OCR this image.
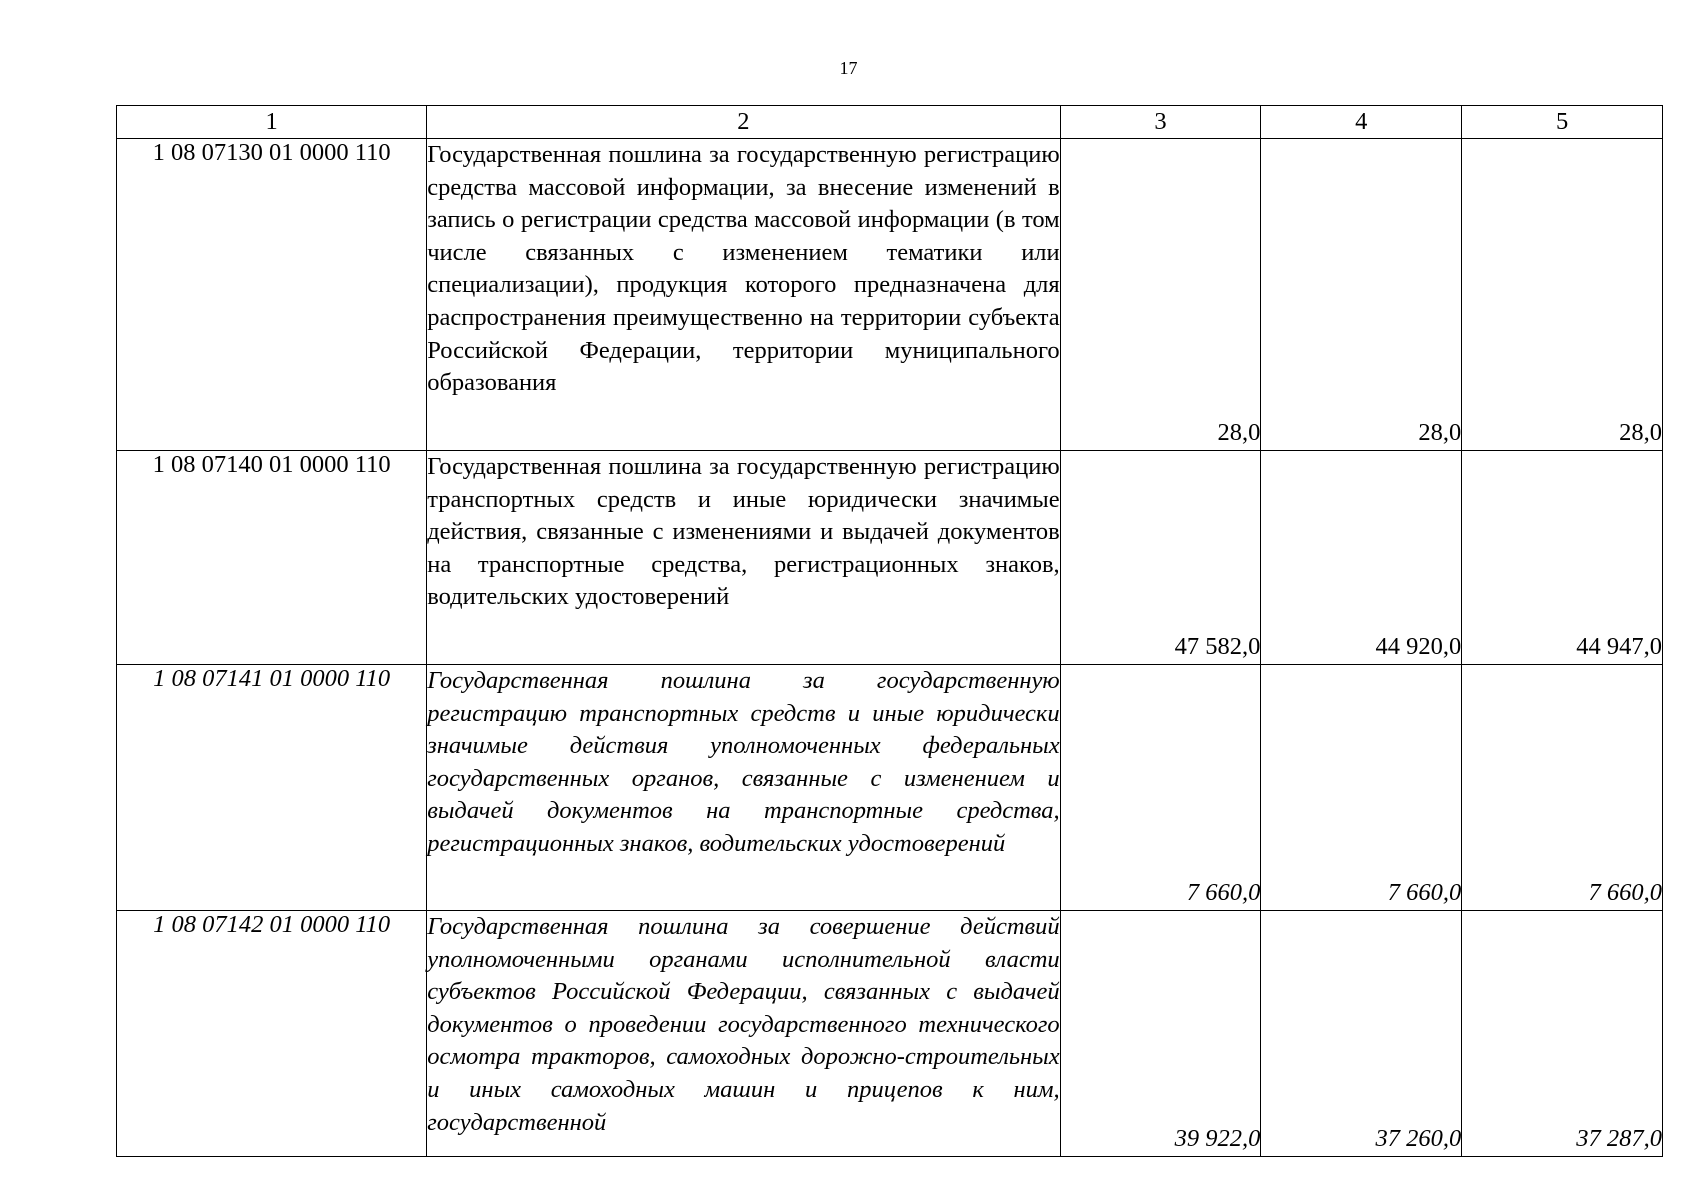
17
1	2	3	4	5
1 08 07130 01 0000 110	Государственная пошлина за государственную регистрацию средства массовой информации, за внесение изменений в запись о регистрации средства массовой информации (в том числе связанных с изменением тематики или специализации), продукция которого предназначена для распространения преимущественно на территории субъекта Российской Федерации, территории муниципального образования	28,0	28,0	28,0
1 08 07140 01 0000 110	Государственная пошлина за государственную регистрацию транспортных средств и иные юридически значимые действия, связанные с изменениями и выдачей документов на транспортные средства, регистрационных знаков, водительских удостоверений	47 582,0	44 920,0	44 947,0
1 08 07141 01 0000 110	Государственная пошлина за государственную регистрацию транспортных средств и иные юридически значимые действия уполномоченных федеральных государственных органов, связанные с изменением и выдачей документов на транспортные средства, регистрационных знаков, водительских удостоверений	7 660,0	7 660,0	7 660,0
1 08 07142 01 0000 110	Государственная пошлина за совершение действий уполномоченными органами исполнительной власти субъектов Российской Федерации, связанных с выдачей документов о проведении государственного технического осмотра тракторов, самоходных дорожно-строительных и иных самоходных машин и прицепов к ним, государственной	39 922,0	37 260,0	37 287,0
